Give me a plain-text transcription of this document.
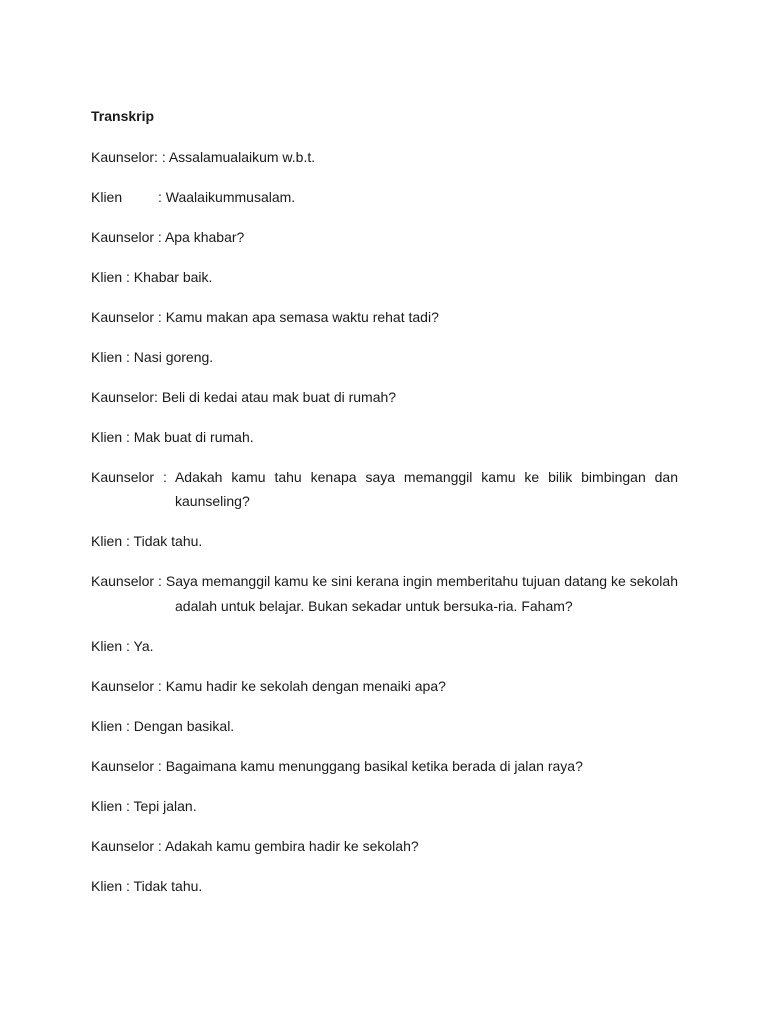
Transkrip
Kaunselor: : Assalamualaikum w.b.t.
Klien	: Waalaikummusalam.
Kaunselor : Apa khabar?
Klien : Khabar baik.
Kaunselor : Kamu makan apa semasa waktu rehat tadi?
Klien : Nasi goreng.
Kaunselor: Beli di kedai atau mak buat di rumah?
Klien : Mak buat di rumah.
Kaunselor : Adakah kamu tahu kenapa saya memanggil kamu ke bilik bimbingan dan
kaunseling?
Klien : Tidak tahu.
Kaunselor : Saya memanggil kamu ke sini kerana ingin memberitahu tujuan datang ke sekolah
adalah untuk belajar. Bukan sekadar untuk bersuka-ria. Faham?
Klien : Ya.
Kaunselor : Kamu hadir ke sekolah dengan menaiki apa?
Klien : Dengan basikal.
Kaunselor : Bagaimana kamu menunggang basikal ketika berada di jalan raya?
Klien : Tepi jalan.
Kaunselor : Adakah kamu gembira hadir ke sekolah?
Klien : Tidak tahu.
